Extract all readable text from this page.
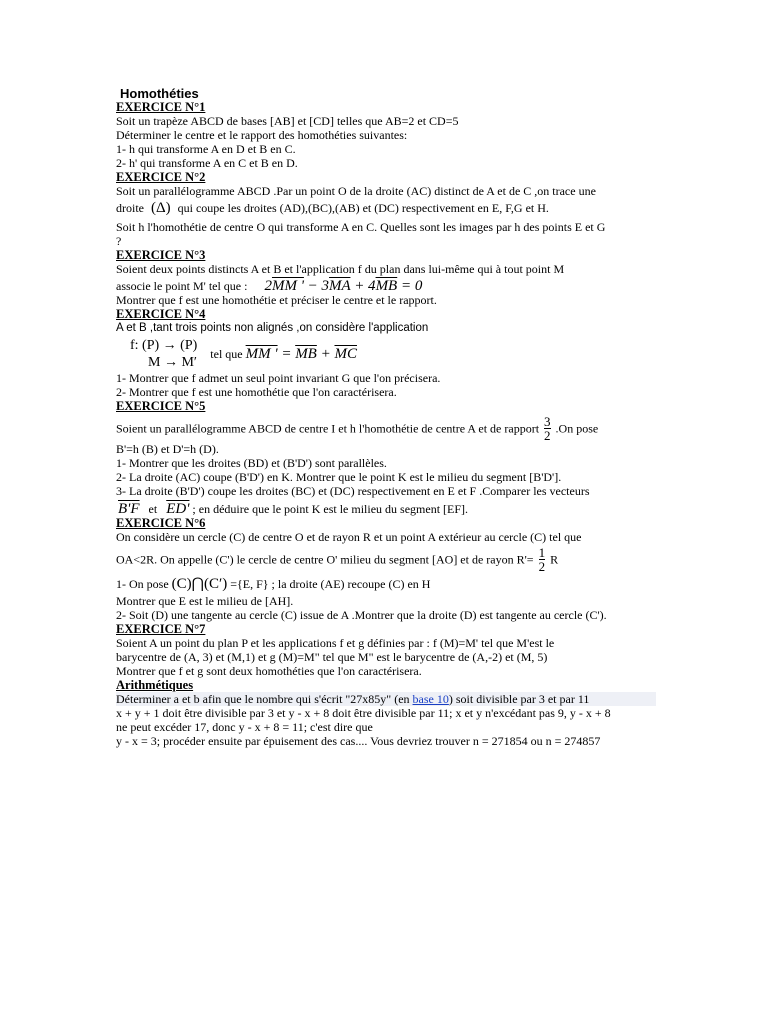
Homothéties
EXERCICE N°1
Soit un trapèze ABCD de bases [AB] et [CD] telles que AB=2 et CD=5
Déterminer le centre et le rapport des homothéties suivantes:
1- h qui transforme A en D et B en C.
2- h' qui transforme A en C et B en D.
EXERCICE N°2
Soit un parallélogramme ABCD .Par un point O de la droite (AC) distinct de A et de C ,on trace une
droite (Δ) qui coupe les droites (AD),(BC),(AB) et (DC) respectivement en E, F,G et H.
Soit h l'homothétie de centre O qui transforme A en C. Quelles sont les images par h des points E et G
?
EXERCICE N°3
Soient deux points distincts A et B et l'application f du plan dans lui-même qui à tout point M
associe le point M' tel que : 2MM ' − $3\overline{MA} + 4\overline{MB} = 0$
Montrer que f est une homothétie et préciser le centre et le rapport.
EXERCICE N°4
A et B ,tant trois points non alignés ,on considère l'application
f: (P) → (P)
M → M′
tel que MM ' = $\overline{MB} + \overline{MC}$
1- Montrer que f admet un seul point invariant G que l'on précisera.
2- Montrer que f est une homothétie que l'on caractérisera.
EXERCICE N°5
Soient un parallélogramme ABCD de centre I et h l'homothétie de centre A et de rapport $\frac{3}{2} .On$ pose
B'=h (B) et D'=h (D).
1- Montrer que les droites (BD) et (B'D') sont parallèles.
2- La droite (AC) coupe (B'D') en K. Montrer que le point K est le milieu du segment [B'D'].
3- La droite (B'D') coupe les droites (BC) et (DC) respectivement en E et F .Comparer les vecteurs
B'F et ED' ; en déduire que le point K est le milieu du segment [EF].
EXERCICE N°6
On considère un cercle (C) de centre O et de rayon R et un point A extérieur au cercle (C) tel que
OA<2R. On appelle (C') le cercle de centre O' milieu du segment [AO] et de rayon $R'= \frac{1}{2}$ R
1- On pose (C)⋂(C′) ={E, F} ; la droite (AE) recoupe (C) en H
Montrer que E est le milieu de [AH].
2- Soit (D) une tangente au cercle (C) issue de A .Montrer que la droite (D) est tangente au cercle (C').
EXERCICE N°7
Soient A un point du plan P et les applications f et g définies par : f (M)=M' tel que M'est le
barycentre de (A, 3) et (M,1) et g (M)=M" tel que M" est le barycentre de (A,-2) et (M, 5)
Montrer que f et g sont deux homothéties que l'on caractérisera.
Arithmétiques
Déterminer a et b afin que le nombre qui s'écrit "27x85y" (en base 10) soit divisible par 3 et par 11
x + y + 1 doit être divisible par 3 et y - x + 8 doit être divisible par 11; x et y n'excédant pas 9, y - x + 8
ne peut excéder 17, donc y - x + 8 = 11; c'est dire que
y - x = 3; procéder ensuite par épuisement des cas.... Vous devriez trouver n = 271854 ou n = 274857
